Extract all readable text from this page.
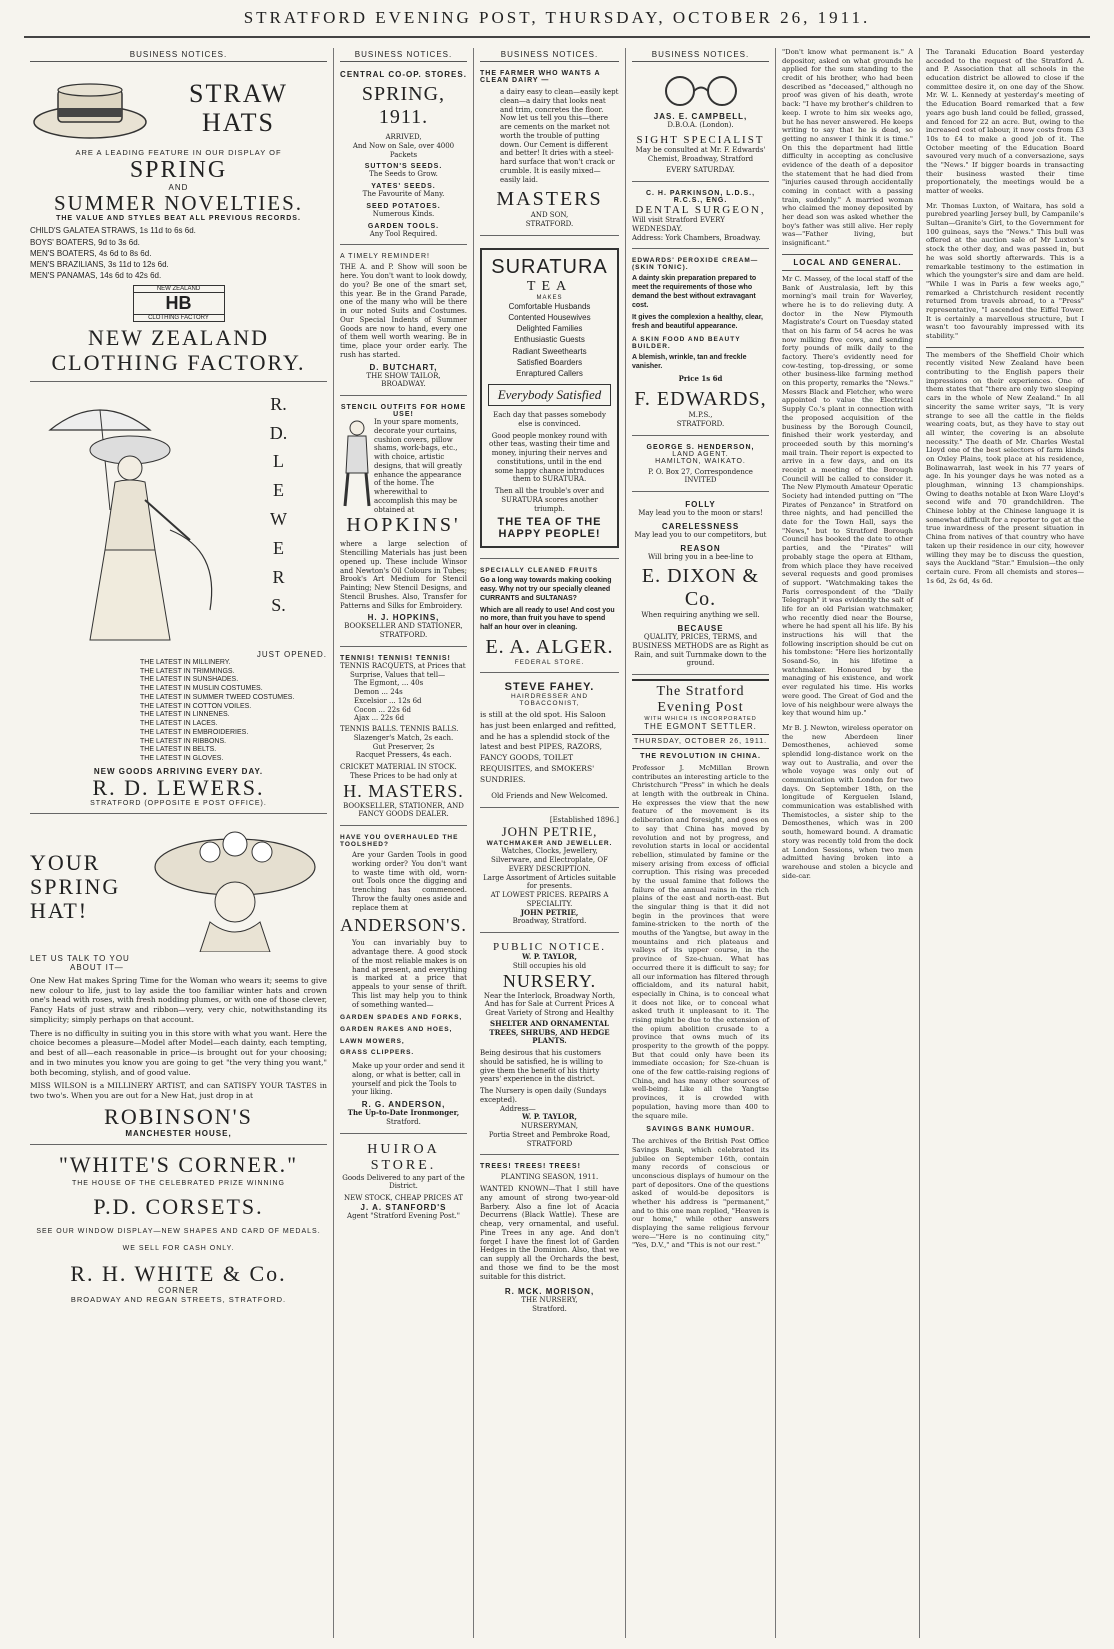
STRATFORD EVENING POST, THURSDAY, OCTOBER 26, 1911.
BUSINESS NOTICES.
STRAW
HATS
ARE A LEADING FEATURE IN OUR DISPLAY OF
SPRING
AND
SUMMER NOVELTIES.
THE VALUE AND STYLES BEAT ALL PREVIOUS RECORDS.
CHILD'S GALATEA STRAWS, 1s 11d to 6s 6d.
BOYS' BOATERS, 9d to 3s 6d.
MEN'S BOATERS, 4s 6d to 8s 6d.
MEN'S BRAZILIANS, 3s 11d to 12s 6d.
MEN'S PANAMAS, 14s 6d to 42s 6d.
NEW ZEALAND
HB
CLOTHING FACTORY
NEW ZEALAND CLOTHING FACTORY.
R.
D.
L
E
W
E
R
S.
JUST OPENED.
THE LATEST IN MILLINERY.
THE LATEST IN TRIMMINGS.
THE LATEST IN SUNSHADES.
THE LATEST IN MUSLIN COSTUMES.
THE LATEST IN SUMMER TWEED COSTUMES.
THE LATEST IN COTTON VOILES.
THE LATEST IN LINNENES.
THE LATEST IN LACES.
THE LATEST IN EMBROIDERIES.
THE LATEST IN RIBBONS.
THE LATEST IN BELTS.
THE LATEST IN GLOVES.
NEW GOODS ARRIVING EVERY DAY.
R. D. LEWERS.
STRATFORD (OPPOSITE E POST OFFICE).
YOUR
SPRING
HAT!
LET US TALK TO YOU
ABOUT IT—

One New Hat makes Spring Time for the Woman who wears it; seems to give new colour to life, just to lay aside the too familiar winter hats and crown one's head with roses, with fresh nodding plumes, or with one of those clever, Fancy Hats of just straw and ribbon—very, very chic, notwithstanding its simplicity; simply perhaps on that account.

There is no difficulty in suiting you in this store with what you want. Here the choice becomes a pleasure—Model after Model—each dainty, each tempting, and best of all—each reasonable in price—is brought out for your choosing; and in two minutes you know you are going to get "the very thing you want," both becoming, stylish, and of good value.

MISS WILSON is a MILLINERY ARTIST, and can SATISFY YOUR TASTES in two two's. When you are out for a New Hat, just drop in at

ROBINSON'S
MANCHESTER HOUSE,
"WHITE'S CORNER."
THE HOUSE OF THE CELEBRATED PRIZE WINNING
P.D. CORSETS.
SEE OUR WINDOW DISPLAY—NEW SHAPES AND CARD OF MEDALS.
WE SELL FOR CASH ONLY.
R. H. WHITE & Co.
CORNER
BROADWAY AND REGAN STREETS, STRATFORD.
BUSINESS NOTICES.
CENTRAL CO-OP. STORES.
SPRING, 1911.
ARRIVED,
And Now on Sale, over 4000 Packets
SUTTON'S SEEDS.
The Seeds to Grow.
YATES' SEEDS.
The Favourite of Many.
SEED POTATOES.
Numerous Kinds.
GARDEN TOOLS.
Any Tool Required.
A TIMELY REMINDER!

THE A. and P. Show will soon be here. You don't want to look dowdy, do you? Be one of the smart set, this year. Be in the Grand Parade, one of the many who will be there in our noted Suits and Costumes. Our Special Indents of Summer Goods are now to hand, every one of them well worth wearing. Be in time, place your order early. The rush has started.

D. BUTCHART,
THE SHOW TAILOR,
BROADWAY.
STENCIL OUTFITS FOR HOME USE!

In your spare moments, decorate your curtains, cushion covers, pillow shams, work-bags, etc., with choice, artistic designs, that will greatly enhance the appearance of the home. The wherewithal to accomplish this may be obtained at

HOPKINS'

where a large selection of Stencilling Materials has just been opened up. These include Winsor and Newton's Oil Colours in Tubes; Brook's Art Medium for Stencil Painting; New Stencil Designs, and Stencil Brushes. Also, Transfer for Patterns and Silks for Embroidery.

H. J. HOPKINS,
BOOKSELLER AND STATIONER, STRATFORD.
TENNIS! TENNIS! TENNIS!
TENNIS RACQUETS, at Prices that
Surprise, Values that tell—
The Egmont, ... 40s
Demon ... 24s
Excelsior ... 12s 6d
Cocon ... 22s 6d
Ajax ... 22s 6d
TENNIS BALLS. TENNIS BALLS.
Slazenger's Match, 2s each.
Gut Preserver, 2s
Racquet Pressers, 4s each.
CRICKET MATERIAL IN STOCK.
These Prices to be had only at
H. MASTERS.
BOOKSELLER, STATIONER, AND FANCY GOODS DEALER.
HAVE YOU OVERHAULED THE TOOLSHED?

Are your Garden Tools in good working order? You don't want to waste time with old, worn-out Tools once the digging and trenching has commenced. Throw the faulty ones aside and replace them at

ANDERSON'S.

You can invariably buy to advantage there. A good stock of the most reliable makes is on hand at present, and everything is marked at a price that appeals to your sense of thrift. This list may help you to think of something wanted—

GARDEN SPADES AND FORKS,
GARDEN RAKES AND HOES,
LAWN MOWERS,
GRASS CLIPPERS.

Make up your order and send it along, or what is better, call in yourself and pick the Tools to your liking.

R. G. ANDERSON,
The Up-to-Date Ironmonger,
Stratford.
HUIROA STORE.
Goods Delivered to any part of the District.
NEW STOCK, CHEAP PRICES AT
J. A. STANFORD'S
Agent "Stratford Evening Post."
BUSINESS NOTICES.
THE FARMER WHO WANTS A CLEAN DAIRY —

a dairy easy to clean—easily kept clean—a dairy that looks neat and trim, concretes the floor. Now let us tell you this—there are cements on the market not worth the trouble of putting down. Our Cement is different and better! It dries with a steel-hard surface that won't crack or crumble. It is easily mixed—easily laid.

MASTERS
AND SON,
STRATFORD.
SURATURA
TEA
MAKES
Comfortable Husbands
Contented Housewives
Delighted Families
Enthusiastic Guests
Radiant Sweethearts
Satisfied Boarders
Enraptured Callers
Everybody Satisfied

Each day that passes somebody else is convinced.

Good people monkey round with other teas, wasting their time and money, injuring their nerves and constitutions, until in the end some happy chance introduces them to SURATURA.

Then all the trouble's over and SURATURA scores another triumph.

THE TEA OF THE HAPPY PEOPLE!
SPECIALLY CLEANED FRUITS

Go a long way towards making cooking easy. Why not try our specially cleaned CURRANTS and SULTANAS?

Which are all ready to use! And cost you no more, than fruit you have to spend half an hour over in cleaning.

E. A. ALGER.
FEDERAL STORE.
STEVE FAHEY.
HAIRDRESSER AND TOBACCONIST,

is still at the old spot. His Saloon has just been enlarged and refitted, and he has a splendid stock of the latest and best PIPES, RAZORS, FANCY GOODS, TOILET REQUISITES, and SMOKERS' SUNDRIES.

Old Friends and New Welcomed.
[Established 1896.]
JOHN PETRIE,
WATCHMAKER AND JEWELLER.
Watches, Clocks, Jewellery, Silverware, and Electroplate, OF EVERY DESCRIPTION.
Large Assortment of Articles suitable for presents.
AT LOWEST PRICES. REPAIRS A SPECIALITY.
JOHN PETRIE,
Broadway, Stratford.
PUBLIC NOTICE.
W. P. TAYLOR,
Still occupies his old
NURSERY.
Near the Interlock, Broadway North, And has for Sale at Current Prices A Great Variety of Strong and Healthy
SHELTER AND ORNAMENTAL TREES, SHRUBS, AND HEDGE PLANTS.

Being desirous that his customers should be satisfied, he is willing to give them the benefit of his thirty years' experience in the district.

The Nursery is open daily (Sundays excepted).
Address—
W. P. TAYLOR,
NURSERYMAN,
Portia Street and Pembroke Road, STRATFORD
TREES! TREES! TREES!
PLANTING SEASON, 1911.

WANTED KNOWN—That I still have any amount of strong two-year-old Barbery. Also a fine lot of Acacia Decurrens (Black Wattle). These are cheap, very ornamental, and useful. Pine Trees in any age. And don't forget I have the finest lot of Garden Hedges in the Dominion. Also, that we can supply all the Orchards the best, and those we find to be the most suitable for this district.

R. MCK. MORISON,
THE NURSERY,
Stratford.
BUSINESS NOTICES.
JAS. E. CAMPBELL,
D.B.O.A. (London).
SIGHT SPECIALIST
May be consulted at Mr. F. Edwards' Chemist, Broadway, Stratford
EVERY SATURDAY.
C. H. PARKINSON, L.D.S., R.C.S., ENG.
DENTAL SURGEON,
Will visit Stratford EVERY WEDNESDAY.
Address: York Chambers, Broadway.
EDWARDS' PEROXIDE CREAM— (SKIN TONIC).

A dainty skin preparation prepared to meet the requirements of those who demand the best without extravagant cost.

It gives the complexion a healthy, clear, fresh and beautiful appearance.

A SKIN FOOD AND BEAUTY BUILDER.

A blemish, wrinkle, tan and freckle vanisher.

Price 1s 6d
F. EDWARDS,
M.P.S.,
STRATFORD.
GEORGE S. HENDERSON,
LAND AGENT.
HAMILTON, WAIKATO.
P. O. Box 27, Correspondence INVITED
FOLLY
May lead you to the moon or stars!
CARELESSNESS
May lead you to our competitors, but
REASON
Will bring you in a bee-line to
E. DIXON & Co.
When requiring anything we sell.
BECAUSE
QUALITY, PRICES, TERMS, and BUSINESS METHODS are as Right as Rain, and suit Turnmake down to the ground.
The Stratford Evening Post
WITH WHICH IS INCORPORATED
THE EGMONT SETTLER.
THURSDAY, OCTOBER 26, 1911.
THE REVOLUTION IN CHINA.

Professor J. McMillan Brown contributes an interesting article to the Christchurch "Press" in which he deals at length with the outbreak in China. He expresses the view that the new feature of the movement is its deliberation and foresight, and goes on to say that China has moved by revolution and not by progress, and revolution starts in local or accidental rebellion, stimulated by famine or the misery arising from excess of official corruption. This rising was preceded by the usual famine that follows the failure of the annual rains in the rich plains of the east and north-east. But the singular thing is that it did not begin in the provinces that were famine-stricken to the north of the mouths of the Yangtse, but away in the mountains and rich plateaus and valleys of its upper course, in the province of Sze-chuan. What has occurred there it is difficult to say; for all our information has filtered through officialdom, and its natural habit, especially in China, is to conceal what it does not like, or to conceal what asked truth it unpleasant to it. The rising might be due to the extension of the opium abolition crusade to a province that owns much of its prosperity to the growth of the poppy. But that could only have been its immediate occasion; for Sze-chuan is one of the few cattle-raising regions of China, and has many other sources of well-being. Like all the Yangtse provinces, it is crowded with population, having more than 400 to the square mile.

SAVINGS BANK HUMOUR.

The archives of the British Post Office Savings Bank, which celebrated its jubilee on September 16th, contain many records of conscious or unconscious displays of humour on the part of depositors. One of the questions asked of would-be depositors is whether his address is "permanent," and to this one man replied, "Heaven is our home," while other answers displaying the same religious fervour were—"Here is no continuing city," "Yes, D.V.," and "This is not our rest."

"Don't know what permanent is." A depositor, asked on what grounds he applied for the sum standing to the credit of his brother, who had been described as "deceased," although no proof was given of his death, wrote back: "I have my brother's children to keep. I wrote to him six weeks ago, but he has never answered. He keeps writing to say that he is dead, so getting no answer I think it is time." On this the department had little difficulty in accepting as conclusive evidence of the death of a depositor the statement that he had died from "injuries caused through accidentally coming in contact with a passing train, suddenly." A married woman who claimed the money deposited by her dead son was asked whether the boy's father was still alive. Her reply was—"Father living, but insignificant."

LOCAL AND GENERAL.

Mr C. Massey, of the local staff of the Bank of Australasia, left by this morning's mail train for Waverley, where he is to do relieving duty. A doctor in the New Plymouth Magistrate's Court on Tuesday stated that on his farm of 54 acres he was now milking five cows, and sending forty pounds of milk daily to the factory. There's evidently need for cow-testing, top-dressing, or some other business-like farming method on this property, remarks the "News." Messrs Black and Fletcher, who were appointed to value the Electrical Supply Co.'s plant in connection with the proposed acquisition of the business by the Borough Council, finished their work yesterday, and proceeded south by this morning's mail train. Their report is expected to arrive in a few days, and on its receipt a meeting of the Borough Council will be called to consider it. The New Plymouth Amateur Operatic Society had intended putting on "The Pirates of Penzance" in Stratford on three nights, and had pencilled the date for the Town Hall, says the "News," but to Stratford Borough Council has booked the date to other parties, and the "Pirates" will probably stage the opera at Eltham, from which place they have received several requests and good promises of support. "Watchmaking takes the Paris correspondent of the "Daily Telegraph" it was evidently the salt of life for an old Parisian watchmaker, who recently died near the Bourse, where he had spent all his life. By his instructions his will that the following inscription should be cut on his tombstone: "Here lies horizontally Sosand-So, in his lifetime a watchmaker. Honoured by the managing of his existence, and work ever regulated his time. His works were good. The Great of God and the love of his neighbour were always the key that wound him up."

Mr B. J. Newton, wireless operator on the new Aberdeen liner Demosthenes, achieved some splendid long-distance work on the way out to Australia, and over the whole voyage was only out of communication with London for two days. On September 18th, on the longitude of Kerguelen Island, communication was established with Themistocles, a sister ship to the Demosthenes, which was in 200 south, homeward bound. A dramatic story was recently told from the dock at London Sessions, when two men admitted having broken into a warehouse and stolen a bicycle and side-car.

The Taranaki Education Board yesterday acceded to the request of the Stratford A. and P. Association that all schools in the education district be allowed to close if the committee desire it, on one day of the Show. Mr. W. L. Kennedy at yesterday's meeting of the Education Board remarked that a few years ago bush land could be felled, grassed, and fenced for 22 an acre. But, owing to the increased cost of labour, it now costs from £3 10s to £4 to make a good job of it. The October meeting of the Education Board savoured very much of a conversazione, says the "News." If bigger boards in transacting their business wasted their time proportionately, the meetings would be a matter of weeks.

Mr. Thomas Luxton, of Waitara, has sold a purebred yearling Jersey bull, by Campanile's Sultan—Granite's Girl, to the Government for 100 guineas, says the "News." This bull was offered at the auction sale of Mr Luxton's stock the other day, and was passed in, but he was sold shortly afterwards. This is a remarkable testimony to the estimation in which the youngster's sire and dam are held. "While I was in Paris a few weeks ago," remarked a Christchurch resident recently returned from travels abroad, to a "Press" representative, "I ascended the Eiffel Tower. It is certainly a marvellous structure, but I wasn't too favourably impressed with its stability."

The members of the Sheffield Choir which recently visited New Zealand have been contributing to the English papers their impressions on their experiences. One of them states that "there are only two sleeping cars in the whole of New Zealand." In all sincerity the same writer says, "It is very strange to see all the cattle in the fields wearing coats, but, as they have to stay out all winter, the covering is an absolute necessity." The death of Mr. Charles Westal Lloyd one of the best selectors of farm kinds on Oxley Plains, took place at his residence, Bolinawarrah, last week in his 77 years of age. In his younger days he was noted as a ploughman, winning 13 championships. Owing to deaths notable at Ixon Ware Lloyd's second wife and 70 grandchildren. The Chinese lobby at the Chinese language it is somewhat difficult for a reporter to get at the true inwardness of the present situation in China from natives of that country who have taken up their residence in our city, however willing they may be to discuss the question, says the Auckland "Star." Emulsion—the only certain cure. From all chemists and stores—1s 6d, 2s 6d, 4s 6d.
